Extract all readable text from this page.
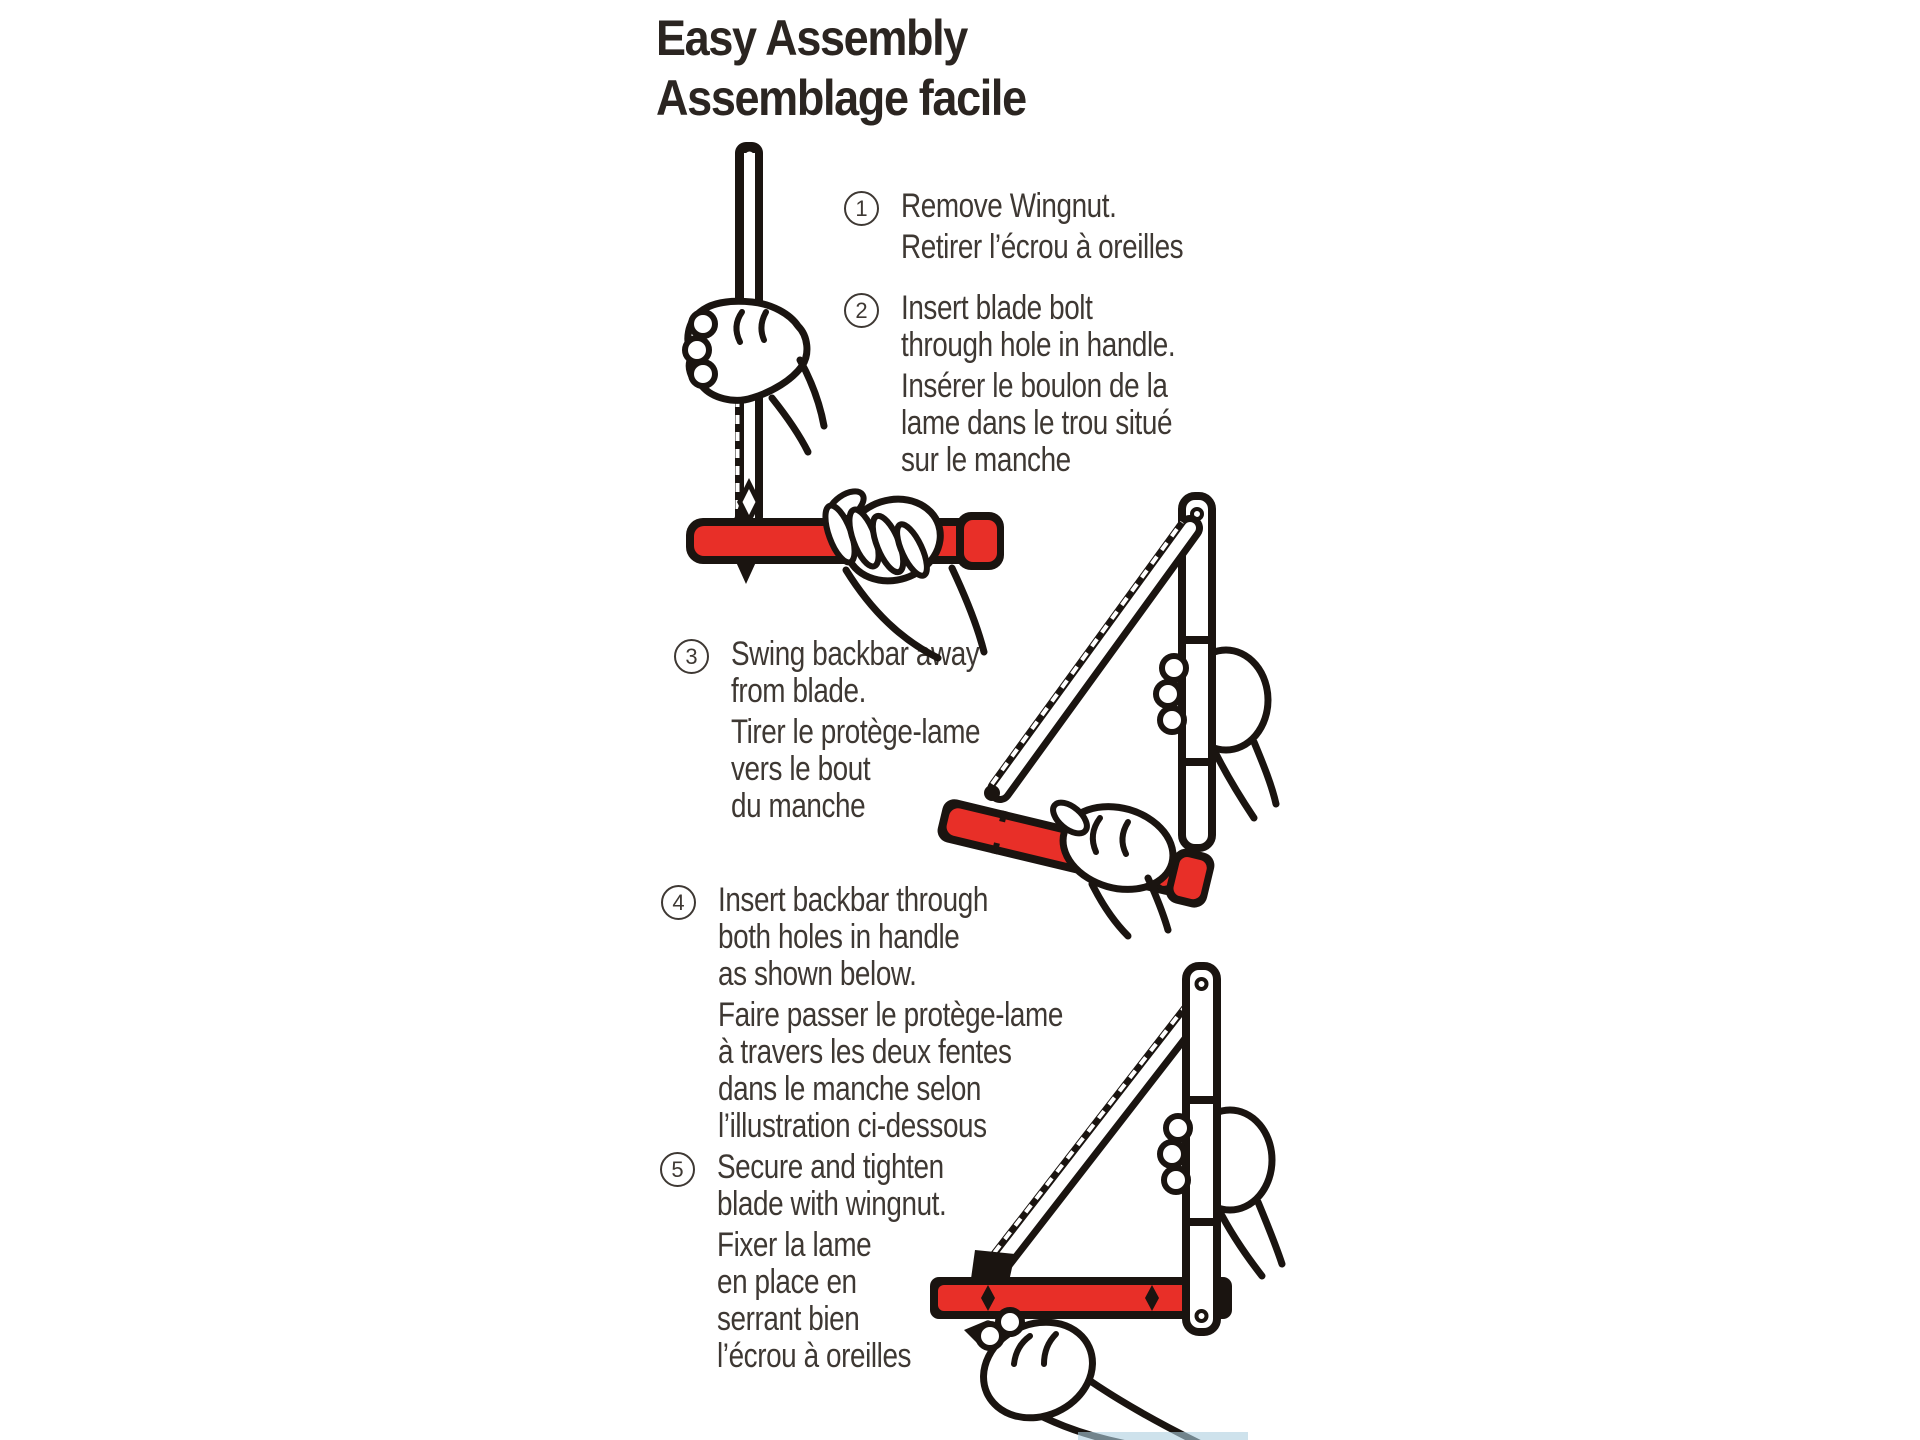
Easy Assembly
Assemblage facile
1 Remove Wingnut.
Retirer l’écrou à oreilles
2 Insert blade bolt
through hole in handle.
Insérer le boulon de la
lame dans le trou situé
sur le manche
3 Swing backbar away
from blade.
Tirer le protège-lame
vers le bout
du manche
4 Insert backbar through
both holes in handle
as shown below.
Faire passer le protège-lame
à travers les deux fentes
dans le manche selon
l’illustration ci-dessous
5 Secure and tighten
blade with wingnut.
Fixer la lame
en place en
serrant bien
l’écrou à oreilles
